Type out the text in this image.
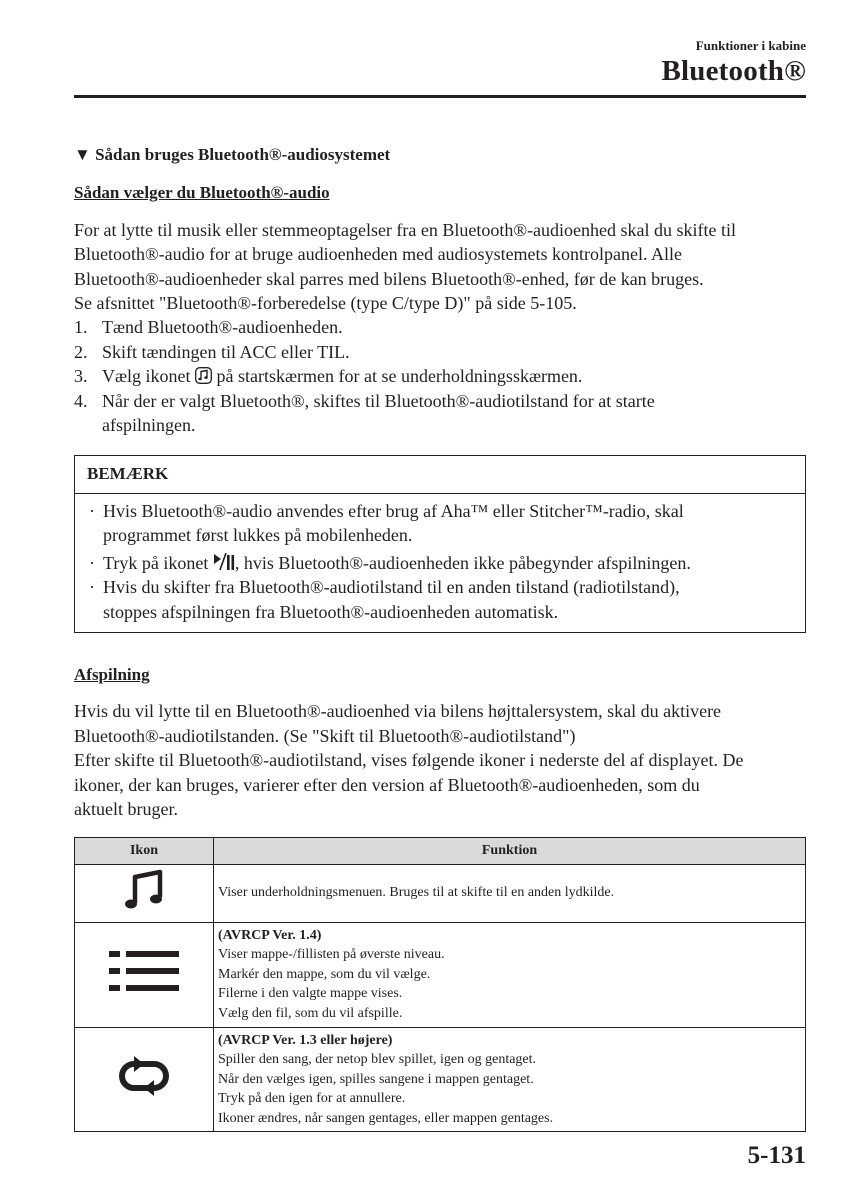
Funktioner i kabine
Bluetooth®
▼ Sådan bruges Bluetooth®-audiosystemet
Sådan vælger du Bluetooth®-audio

For at lytte til musik eller stemmeoptagelser fra en Bluetooth®-audioenhed skal du skifte til

Bluetooth®-audio for at bruge audioenheden med audiosystemets kontrolpanel. Alle

Bluetooth®-audioenheder skal parres med bilens Bluetooth®-enhed, før de kan bruges.

Se afsnittet "Bluetooth®-forberedelse (type C/type D)" på side 5-105.

1. Tænd Bluetooth®-audioenheden.
2. Skift tændingen til ACC eller TIL.
3. Vælg ikonet på startskærmen for at se underholdningsskærmen.
4. Når der er valgt Bluetooth®, skiftes til Bluetooth®-audiotilstand for at starte
afspilningen.
BEMÆRK
· Hvis Bluetooth®-audio anvendes efter brug af Aha™ eller Stitcher™-radio, skal
programmet først lukkes på mobilenheden.
· Tryk på ikonet , hvis Bluetooth®-audioenheden ikke påbegynder afspilningen.
· Hvis du skifter fra Bluetooth®-audiotilstand til en anden tilstand (radiotilstand),
stoppes afspilningen fra Bluetooth®-audioenheden automatisk.
Afspilning

Hvis du vil lytte til en Bluetooth®-audioenhed via bilens højttalersystem, skal du aktivere

Bluetooth®-audiotilstanden. (Se "Skift til Bluetooth®-audiotilstand")

Efter skifte til Bluetooth®-audiotilstand, vises følgende ikoner i nederste del af displayet. De

ikoner, der kan bruges, varierer efter den version af Bluetooth®-audioenheden, som du

aktuelt bruger.

Ikon	Funktion

Viser underholdningsmenuen. Bruges til at skifte til en anden lydkilde.

(AVRCP Ver. 1.4)
Viser mappe-/fillisten på øverste niveau.
Markér den mappe, som du vil vælge.
Filerne i den valgte mappe vises.
Vælg den fil, som du vil afspille.

(AVRCP Ver. 1.3 eller højere)
Spiller den sang, der netop blev spillet, igen og gentaget.
Når den vælges igen, spilles sangene i mappen gentaget.
Tryk på den igen for at annullere.
Ikoner ændres, når sangen gentages, eller mappen gentages.
5-131
